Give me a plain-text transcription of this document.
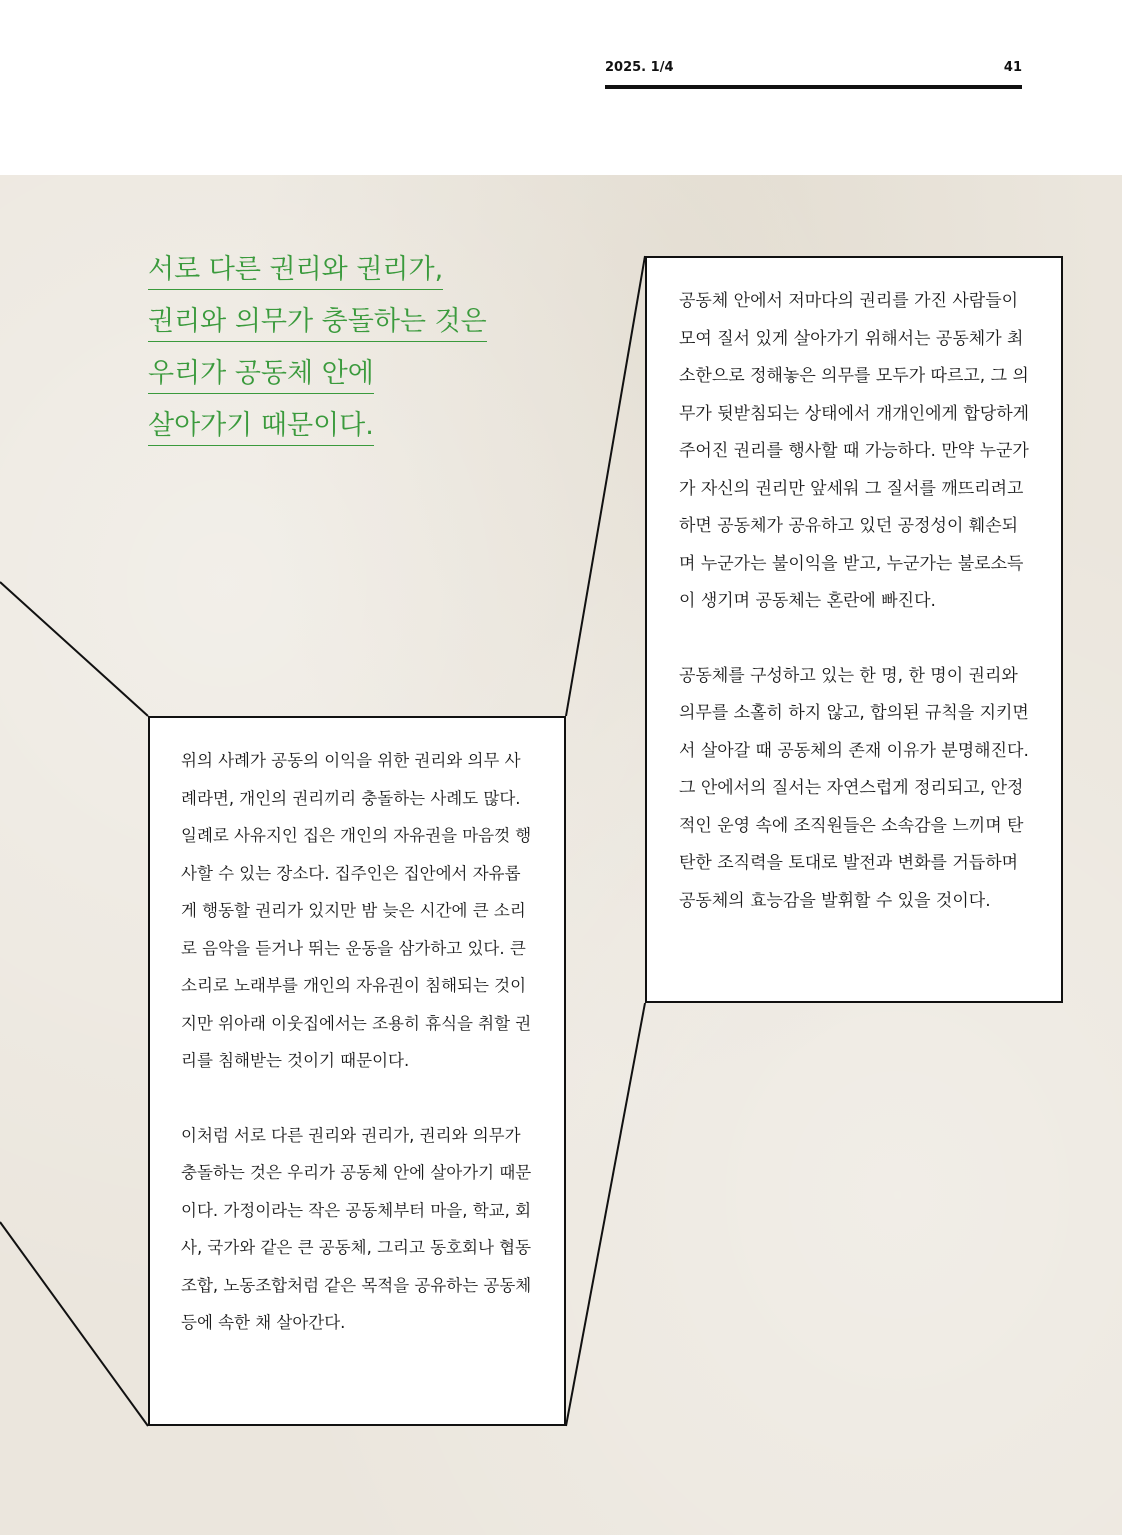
2025. 1/4	41
서로 다른 권리와 권리가,
권리와 의무가 충돌하는 것은
우리가 공동체 안에
살아가기 때문이다.

공동체 안에서 저마다의 권리를 가진 사람들이 모여 질서 있게 살아가기 위해서는 공동체가 최소한으로 정해놓은 의무를 모두가 따르고, 그 의무가 뒷받침되는 상태에서 개개인에게 합당하게 주어진 권리를 행사할 때 가능하다. 만약 누군가가 자신의 권리만 앞세워 그 질서를 깨뜨리려고 하면 공동체가 공유하고 있던 공정성이 훼손되며 누군가는 불이익을 받고, 누군가는 불로소득이 생기며 공동체는 혼란에 빠진다.

공동체를 구성하고 있는 한 명, 한 명이 권리와 의무를 소홀히 하지 않고, 합의된 규칙을 지키면서 살아갈 때 공동체의 존재 이유가 분명해진다. 그 안에서의 질서는 자연스럽게 정리되고, 안정적인 운영 속에 조직원들은 소속감을 느끼며 탄탄한 조직력을 토대로 발전과 변화를 거듭하며 공동체의 효능감을 발휘할 수 있을 것이다.

위의 사례가 공동의 이익을 위한 권리와 의무 사례라면, 개인의 권리끼리 충돌하는 사례도 많다. 일례로 사유지인 집은 개인의 자유권을 마음껏 행사할 수 있는 장소다. 집주인은 집안에서 자유롭게 행동할 권리가 있지만 밤 늦은 시간에 큰 소리로 음악을 듣거나 뛰는 운동을 삼가하고 있다. 큰 소리로 노래부를 개인의 자유권이 침해되는 것이지만 위아래 이웃집에서는 조용히 휴식을 취할 권리를 침해받는 것이기 때문이다.

이처럼 서로 다른 권리와 권리가, 권리와 의무가 충돌하는 것은 우리가 공동체 안에 살아가기 때문이다. 가정이라는 작은 공동체부터 마을, 학교, 회사, 국가와 같은 큰 공동체, 그리고 동호회나 협동조합, 노동조합처럼 같은 목적을 공유하는 공동체 등에 속한 채 살아간다.
